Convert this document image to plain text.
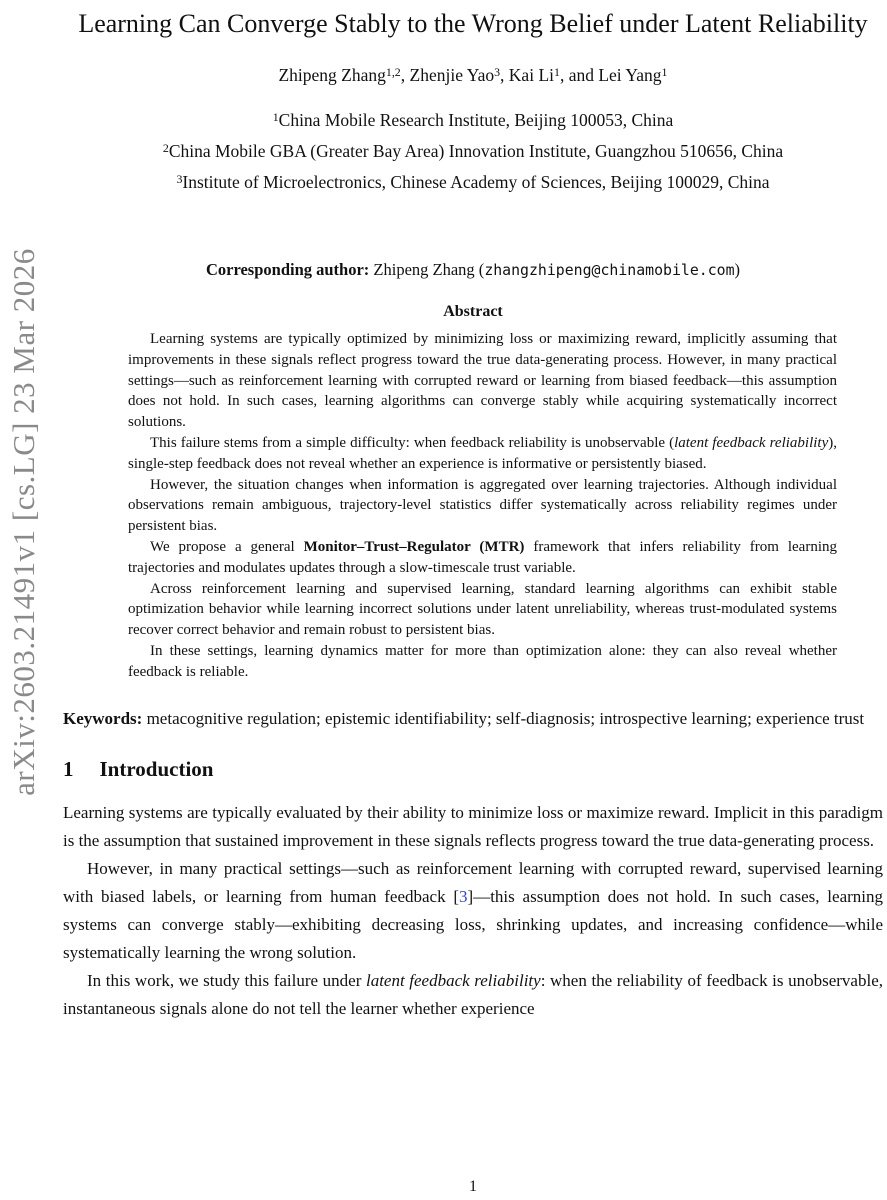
arXiv:2603.21491v1 [cs.LG] 23 Mar 2026
Learning Can Converge Stably to the Wrong Belief under Latent Reliability
Zhipeng Zhang$^{1,2}$, Zhenjie Yao$^3$, Kai Li$^1$, and Lei Yang$^1$
$^1$China Mobile Research Institute, Beijing 100053, China
$^2$China Mobile GBA (Greater Bay Area) Innovation Institute, Guangzhou 510656, China
$^3$Institute of Microelectronics, Chinese Academy of Sciences, Beijing 100029, China
Corresponding author: Zhipeng Zhang (zhangzhipeng@chinamobile.com)
Abstract

Learning systems are typically optimized by minimizing loss or maximizing reward, implicitly assuming that improvements in these signals reflect progress toward the true data-generating process. However, in many practical settings—such as reinforcement learning with corrupted reward or learning from biased feedback—this assumption does not hold. In such cases, learning algorithms can converge stably while acquiring systematically incorrect solutions.

This failure stems from a simple difficulty: when feedback reliability is unobservable (latent feedback reliability), single-step feedback does not reveal whether an experience is informative or persistently biased.

However, the situation changes when information is aggregated over learning trajectories. Although individual observations remain ambiguous, trajectory-level statistics differ systematically across reliability regimes under persistent bias.

We propose a general Monitor–Trust–Regulator (MTR) framework that infers reliability from learning trajectories and modulates updates through a slow-timescale trust variable.

Across reinforcement learning and supervised learning, standard learning algorithms can exhibit stable optimization behavior while learning incorrect solutions under latent unreliability, whereas trust-modulated systems recover correct behavior and remain robust to persistent bias.

In these settings, learning dynamics matter for more than optimization alone: they can also reveal whether feedback is reliable.

Keywords: metacognitive regulation; epistemic identifiability; self-diagnosis; introspective learning; experience trust
1 Introduction

Learning systems are typically evaluated by their ability to minimize loss or maximize reward. Implicit in this paradigm is the assumption that sustained improvement in these signals reflects progress toward the true data-generating process.

However, in many practical settings—such as reinforcement learning with corrupted reward, supervised learning with biased labels, or learning from human feedback [3]—this assumption does not hold. In such cases, learning systems can converge stably—exhibiting decreasing loss, shrinking updates, and increasing confidence—while systematically learning the wrong solution.

In this work, we study this failure under latent feedback reliability: when the reliability of feedback is unobservable, instantaneous signals alone do not tell the learner whether experience

1
